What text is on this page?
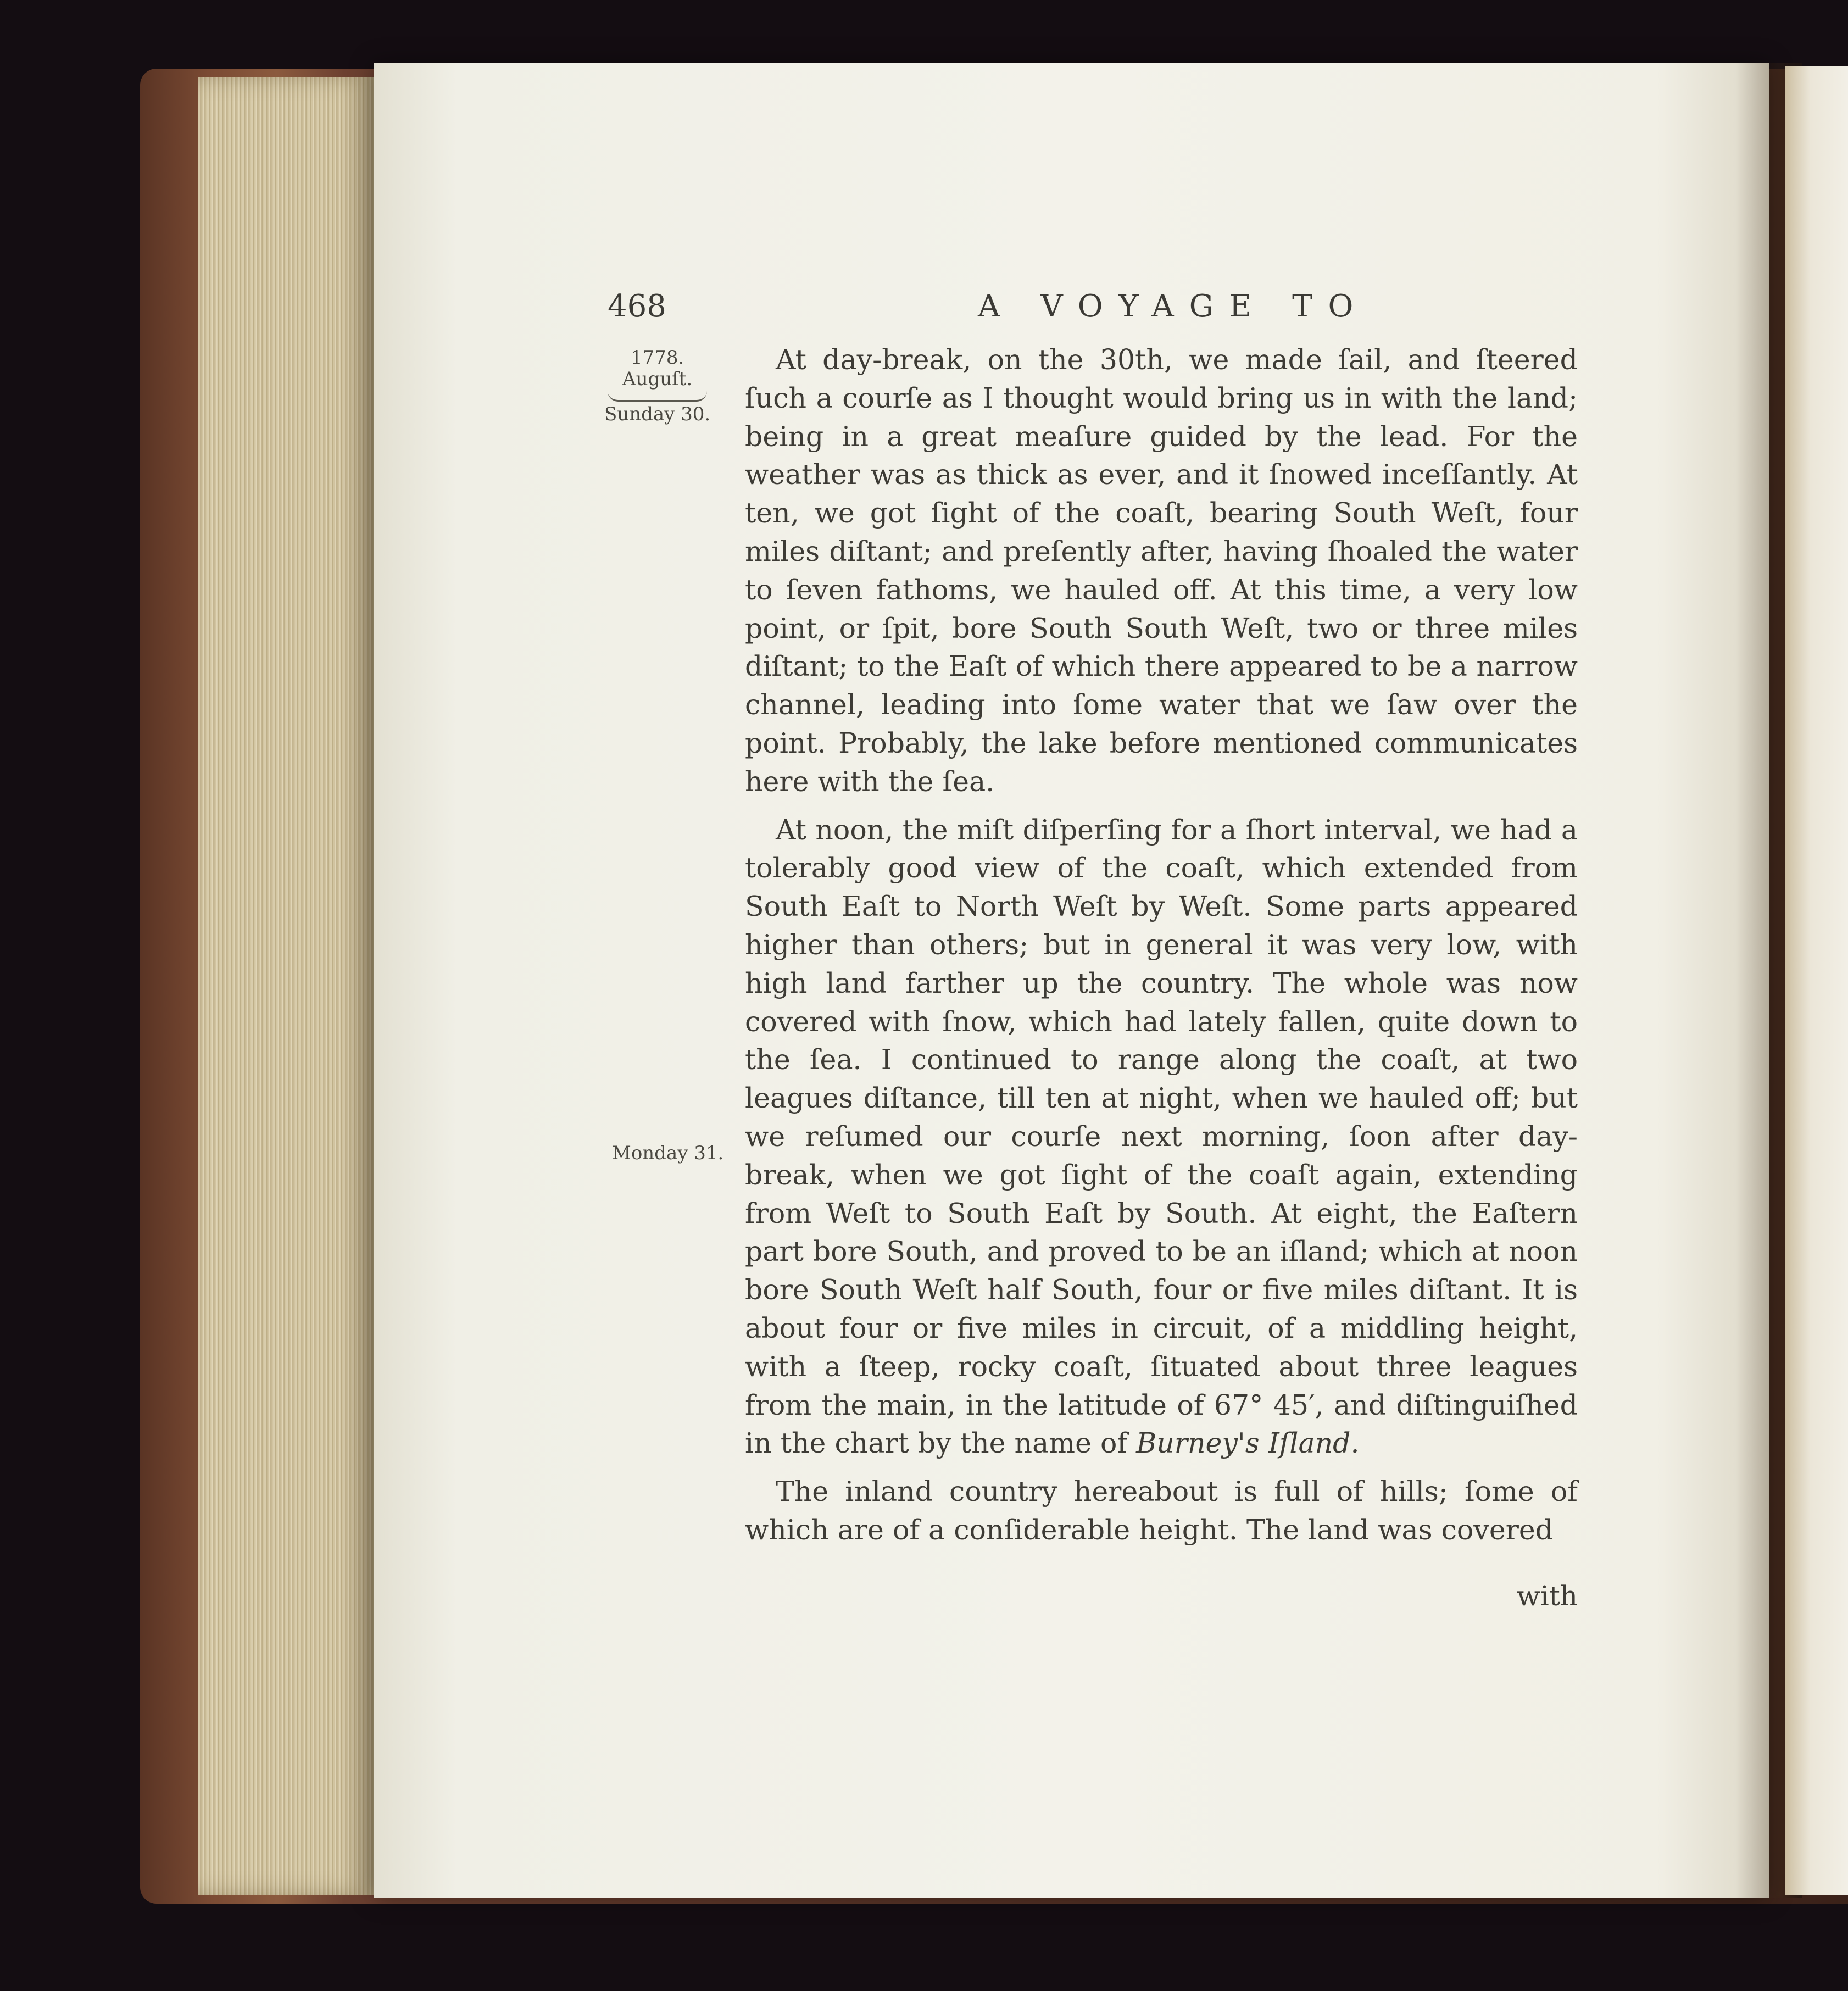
468	A VOYAGE TO

1778.
Auguſt.
Sunday 30.
Monday 31.

At day-break, on the 30th, we made ſail, and ſteered ſuch a courſe as I thought would bring us in with the land; being in a great meaſure guided by the lead. For the weather was as thick as ever, and it ſnowed inceſſantly. At ten, we got ſight of the coaſt, bearing South Weſt, four miles diſtant; and preſently after, having ſhoaled the water to ſeven fathoms, we hauled off. At this time, a very low point, or ſpit, bore South South Weſt, two or three miles diſtant; to the Eaſt of which there appeared to be a narrow channel, leading into ſome water that we ſaw over the point. Probably, the lake before mentioned communicates here with the ſea.

At noon, the miſt diſperſing for a ſhort interval, we had a tolerably good view of the coaſt, which extended from South Eaſt to North Weſt by Weſt. Some parts appeared higher than others; but in general it was very low, with high land farther up the country. The whole was now covered with ſnow, which had lately fallen, quite down to the ſea. I continued to range along the coaſt, at two leagues diſtance, till ten at night, when we hauled off; but we reſumed our courſe next morning, ſoon after day-break, when we got ſight of the coaſt again, extending from Weſt to South Eaſt by South. At eight, the Eaſtern part bore South, and proved to be an iſland; which at noon bore South Weſt half South, four or five miles diſtant. It is about four or five miles in circuit, of a middling height, with a ſteep, rocky coaſt, ſituated about three leagues from the main, in the latitude of 67° 45′, and diſtinguiſhed in the chart by the name of Burney's Iſland.

The inland country hereabout is full of hills; ſome of which are of a conſiderable height. The land was covered

with
